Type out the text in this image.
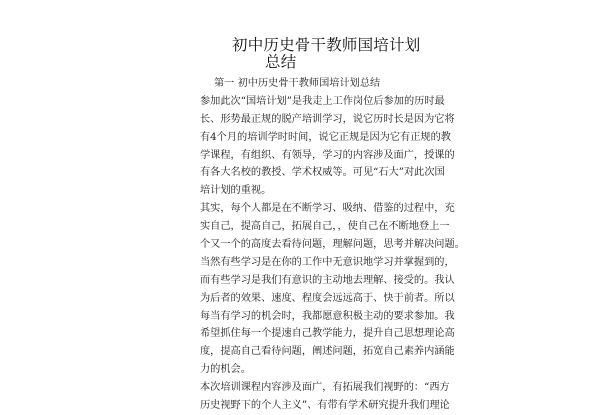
初中历史骨干教师国培计划
总结
第一 初中历史骨干教师国培计划总结
参加此次“国培计划”是我走上工作岗位后参加的历时最
长、形势最正规的脱产培训学习，说它历时长是因为它将
有4个月的培训学时时间，说它正规是因为它有正规的教
学课程，有组织、有领导，学习的内容涉及面广，授课的
有各大名校的教授、学术权威等。可见“石大”对此次国
培计划的重视。
其实，每个人都是在不断学习、吸纳、借鉴的过程中，充
实自己，提高自己，拓展自己，，使自己在不断地登上一
个又一个的高度去看待问题，理解问题，思考并解决问题。
当然有些学习是在你的工作中无意识地学习并掌握到的，
而有些学习是我们有意识的主动地去理解、接受的。我认
为后者的效果、速度、程度会远远高于、快于前者。所以
每当有学习的机会时，我都愿意积极主动的要求参加。我
希望抓住每一个提速自己教学能力，提升自己思想理论高
度，提高自己看待问题，阐述问题，拓宽自己素养内涵能
力的机会。
本次培训课程内容涉及面广，有拓展我们视野的：“西方
历史视野下的个人主义”、有带有学术研究提升我们理论
